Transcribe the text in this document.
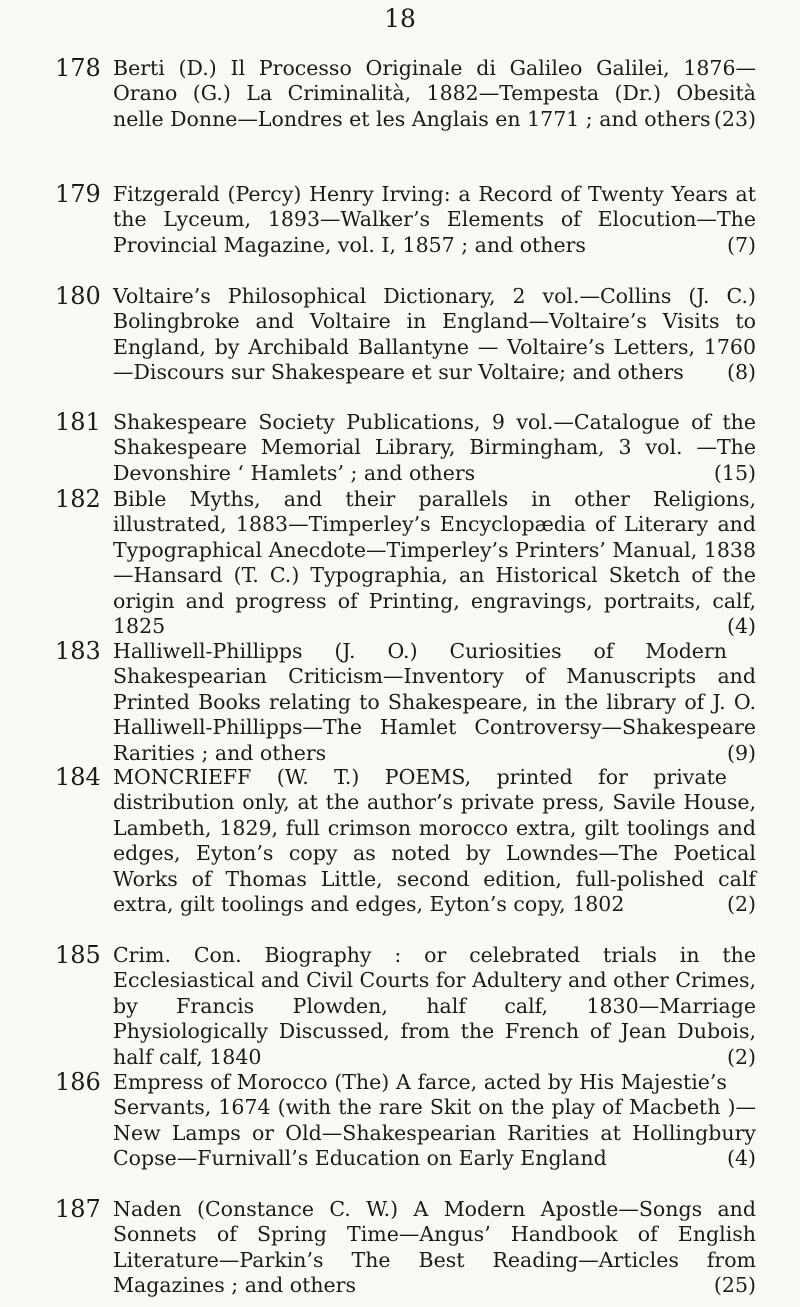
18
178 Berti (D.) Il Processo Originale di Galileo Galilei, 1876—Orano (G.) La Criminalità, 1882—Tempesta (Dr.) Obesità nelle Donne—Londres et les Anglais en 1771 ; and others (23)
179 Fitzgerald (Percy) Henry Irving: a Record of Twenty Years at the Lyceum, 1893—Walker’s Elements of Elocution—The Provincial Magazine, vol. I, 1857 ; and others	(7)
180 Voltaire’s Philosophical Dictionary, 2 vol.—Collins (J. C.) Bolingbroke and Voltaire in England—Voltaire’s Visits to England, by Archibald Ballantyne — Voltaire’s Letters, 1760—Discours sur Shakespeare et sur Voltaire; and others (8)
181 Shakespeare Society Publications, 9 vol.—Catalogue of the Shakespeare Memorial Library, Birmingham, 3 vol. —The Devonshire ‘ Hamlets’ ; and others	(15)
182 Bible Myths, and their parallels in other Religions, illustrated, 1883—Timperley’s Encyclopædia of Literary and Typographical Anecdote—Timperley’s Printers’ Manual, 1838—Hansard (T. C.) Typographia, an Historical Sketch of the origin and progress of Printing, engravings, portraits, calf, 1825	(4)
183 Halliwell-Phillipps (J. O.) Curiosities of Modern Shakespearian Criticism—Inventory of Manuscripts and Printed Books relating to Shakespeare, in the library of J. O. Halliwell-Phillipps—The Hamlet Controversy—Shakespeare Rarities ; and others	(9)
184 MONCRIEFF (W. T.) POEMS, printed for private distribution only, at the author’s private press, Savile House, Lambeth, 1829, full crimson morocco extra, gilt toolings and edges, Eyton’s copy as noted by Lowndes—The Poetical Works of Thomas Little, second edition, full-polished calf extra, gilt toolings and edges, Eyton’s copy, 1802	(2)
185 Crim. Con. Biography : or celebrated trials in the Ecclesiastical and Civil Courts for Adultery and other Crimes, by Francis Plowden, half calf, 1830—Marriage Physiologically Discussed, from the French of Jean Dubois, half calf, 1840	(2)
186 Empress of Morocco (The) A farce, acted by His Majestie’s Servants, 1674 (with the rare Skit on the play of Macbeth )—New Lamps or Old—Shakespearian Rarities at Hollingbury Copse—Furnivall’s Education on Early England	(4)
187 Naden (Constance C. W.) A Modern Apostle—Songs and Sonnets of Spring Time—Angus’ Handbook of English Literature—Parkin’s The Best Reading—Articles from Magazines ; and others	(25)
